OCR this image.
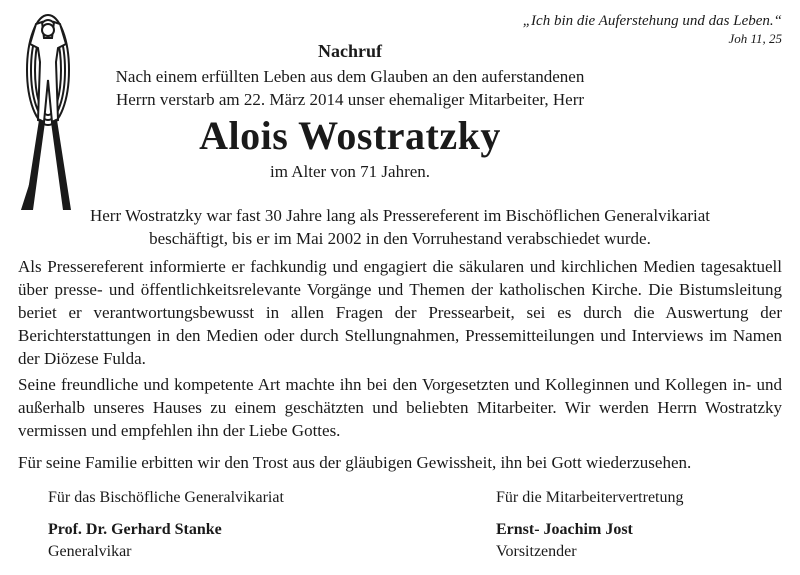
„Ich bin die Auferstehung und das Leben.“
Joh 11, 25
Nachruf
Nach einem erfüllten Leben aus dem Glauben an den auferstandenen
Herrn verstarb am 22. März 2014 unser ehemaliger Mitarbeiter, Herr
Alois Wostratzky
im Alter von 71 Jahren.
Herr Wostratzky war fast 30 Jahre lang als Pressereferent im Bischöflichen Generalvikariat
beschäftigt, bis er im Mai 2002 in den Vorruhestand verabschiedet wurde.
Als Pressereferent informierte er fachkundig und engagiert die säkularen und kirchlichen Medien tagesaktuell über presse- und öffentlichkeitsrelevante Vorgänge und Themen der katholischen Kirche. Die Bistumsleitung beriet er verantwortungsbewusst in allen Fragen der Pressearbeit, sei es durch die Auswertung der Berichterstattungen in den Medien oder durch Stellungnahmen, Pressemitteilungen und Interviews im Namen der Diözese Fulda.
Seine freundliche und kompetente Art machte ihn bei den Vorgesetzten und Kolleginnen und Kollegen in- und außerhalb unseres Hauses zu einem geschätzten und beliebten Mitarbeiter. Wir werden Herrn Wostratzky vermissen und empfehlen ihn der Liebe Gottes.
Für seine Familie erbitten wir den Trost aus der gläubigen Gewissheit, ihn bei Gott wiederzusehen.
Für das Bischöfliche Generalvikariat
Prof. Dr. Gerhard Stanke
Generalvikar
Für die Mitarbeitervertretung
Ernst- Joachim Jost
Vorsitzender
